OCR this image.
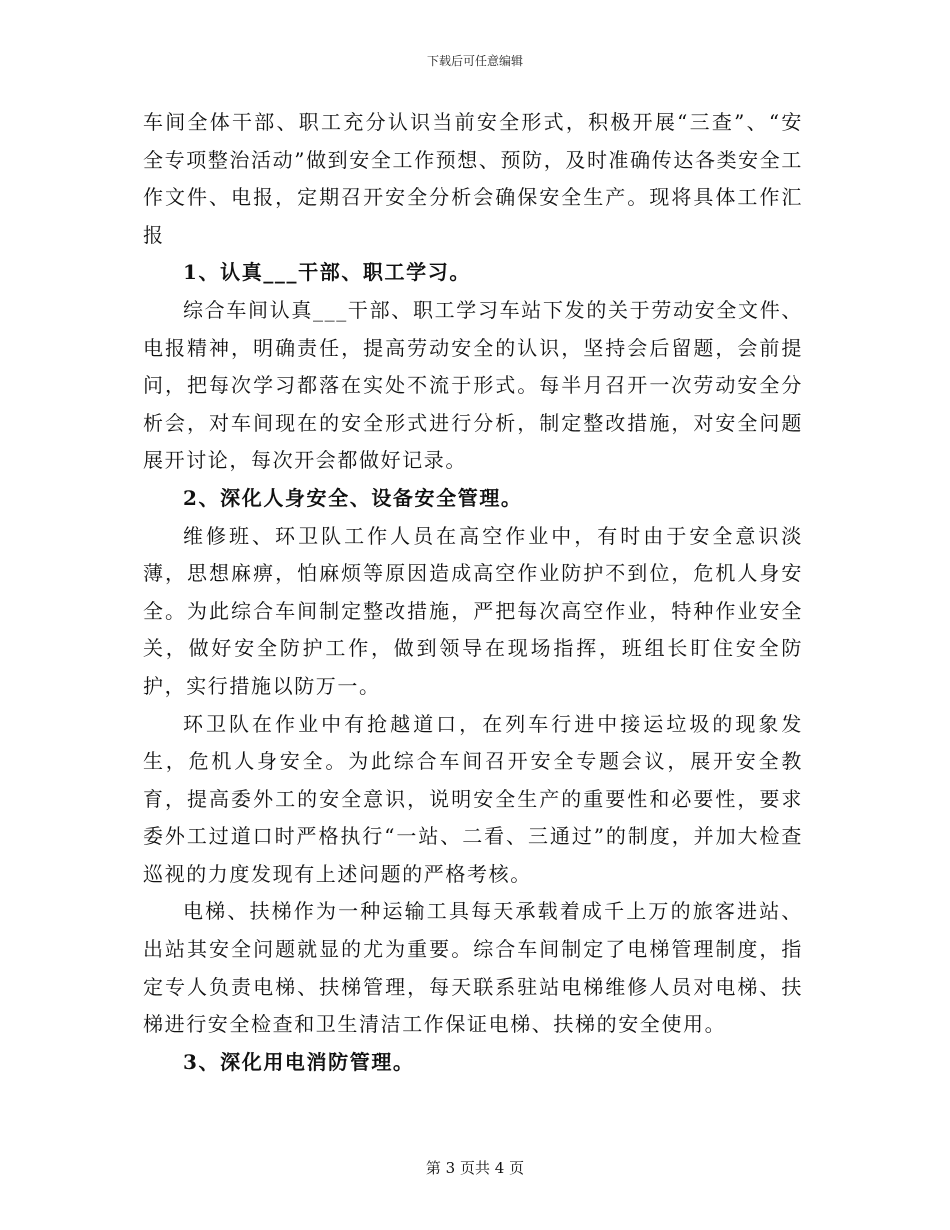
下载后可任意编辑

车间全体干部、职工充分认识当前安全形式，积极开展“三查”、“安全专项整治活动”做到安全工作预想、预防，及时准确传达各类安全工作文件、电报，定期召开安全分析会确保安全生产。现将具体工作汇报

1、认真___干部、职工学习。

综合车间认真___干部、职工学习车站下发的关于劳动安全文件、电报精神，明确责任，提高劳动安全的认识，坚持会后留题，会前提问，把每次学习都落在实处不流于形式。每半月召开一次劳动安全分析会，对车间现在的安全形式进行分析，制定整改措施，对安全问题展开讨论，每次开会都做好记录。

2、深化人身安全、设备安全管理。

维修班、环卫队工作人员在高空作业中，有时由于安全意识淡薄，思想麻痹，怕麻烦等原因造成高空作业防护不到位，危机人身安全。为此综合车间制定整改措施，严把每次高空作业，特种作业安全关，做好安全防护工作，做到领导在现场指挥，班组长盯住安全防护，实行措施以防万一。

环卫队在作业中有抢越道口，在列车行进中接运垃圾的现象发生，危机人身安全。为此综合车间召开安全专题会议，展开安全教育，提高委外工的安全意识，说明安全生产的重要性和必要性，要求委外工过道口时严格执行“一站、二看、三通过”的制度，并加大检查巡视的力度发现有上述问题的严格考核。

电梯、扶梯作为一种运输工具每天承载着成千上万的旅客进站、出站其安全问题就显的尤为重要。综合车间制定了电梯管理制度，指定专人负责电梯、扶梯管理，每天联系驻站电梯维修人员对电梯、扶梯进行安全检查和卫生清洁工作保证电梯、扶梯的安全使用。

3、深化用电消防管理。
第 3 页共 4 页
